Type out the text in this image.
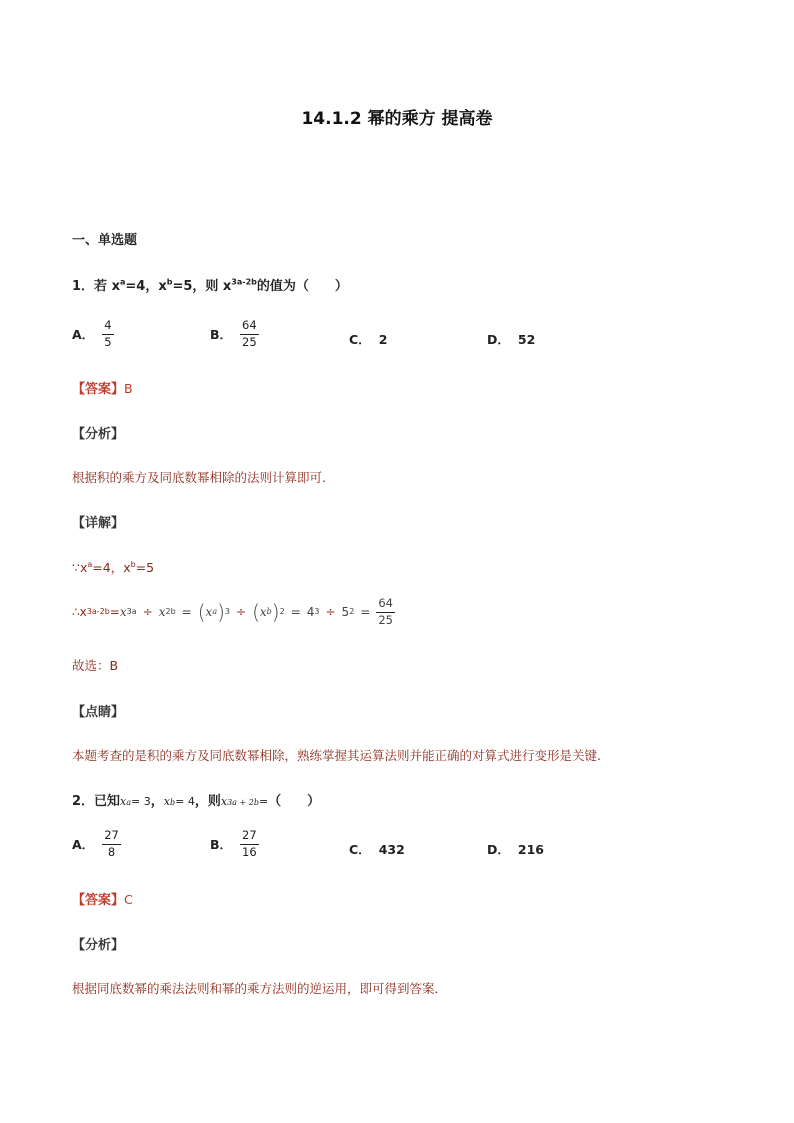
14.1.2 幂的乘方 提高卷
一、单选题
1．若 $x^a=4$，$x^b=5$，则 $x^{3a-2b}$的值为（　　）
A． $\frac{4}{5}$	B． $\frac{64}{25}$	C． 2	D． 52
【答案】B
【分析】
根据积的乘方及同底数幂相除的法则计算即可.
【详解】
$\because x^a=4$，$x^b=5$
∴x 3a-2b = x 3a ÷ x 2b = ( x a ) 3 ÷ ( x b ) 2 = 4 3 ÷ 5 $2 = \frac{64}{25}$
故选：B
【点睛】
本题考查的是积的乘方及同底数幂相除，熟练掌握其运算法则并能正确的对算式进行变形是关键.
2．已知 x a = 3 ， x b = 4 ，则 x 3a + 2b = （　　）
A． $\frac{27}{8}$	B． $\frac{27}{16}$	C． 432	D． 216
【答案】C
【分析】
根据同底数幂的乘法法则和幂的乘方法则的逆运用，即可得到答案．
